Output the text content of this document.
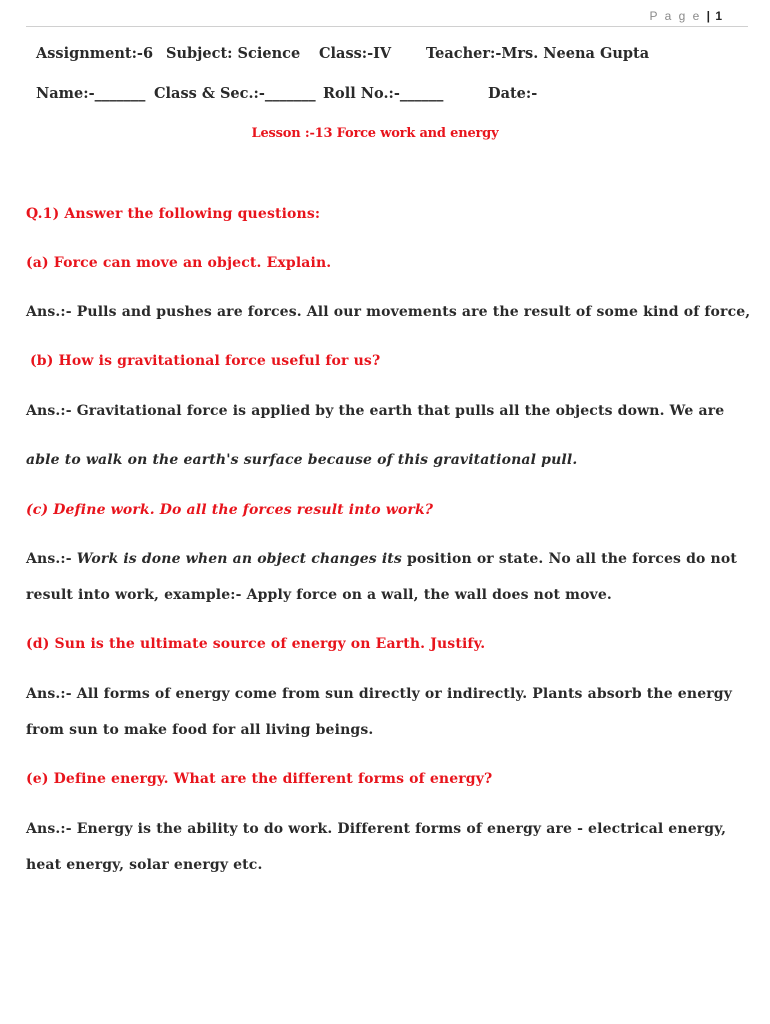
P a g e | 1
Assignment:-6 Subject: Science Class:-IV Teacher:-Mrs. Neena Gupta
Name:-_______ Class & Sec.:-_______ Roll No.:-______	Date:-
Lesson :-13 Force work and energy
Q.1) Answer the following questions:
(a) Force can move an object. Explain.
Ans.:- Pulls and pushes are forces. All our movements are the result of some kind of force,
(b) How is gravitational force useful for us?
Ans.:- Gravitational force is applied by the earth that pulls all the objects down. We are
able to walk on the earth's surface because of this gravitational pull.
(c) Define work. Do all the forces result into work?
Ans.:- Work is done when an object changes its position or state. No all the forces do not
result into work, example:- Apply force on a wall, the wall does not move.
(d) Sun is the ultimate source of energy on Earth. Justify.
Ans.:- All forms of energy come from sun directly or indirectly. Plants absorb the energy
from sun to make food for all living beings.
(e) Define energy. What are the different forms of energy?
Ans.:- Energy is the ability to do work. Different forms of energy are - electrical energy,
heat energy, solar energy etc.
